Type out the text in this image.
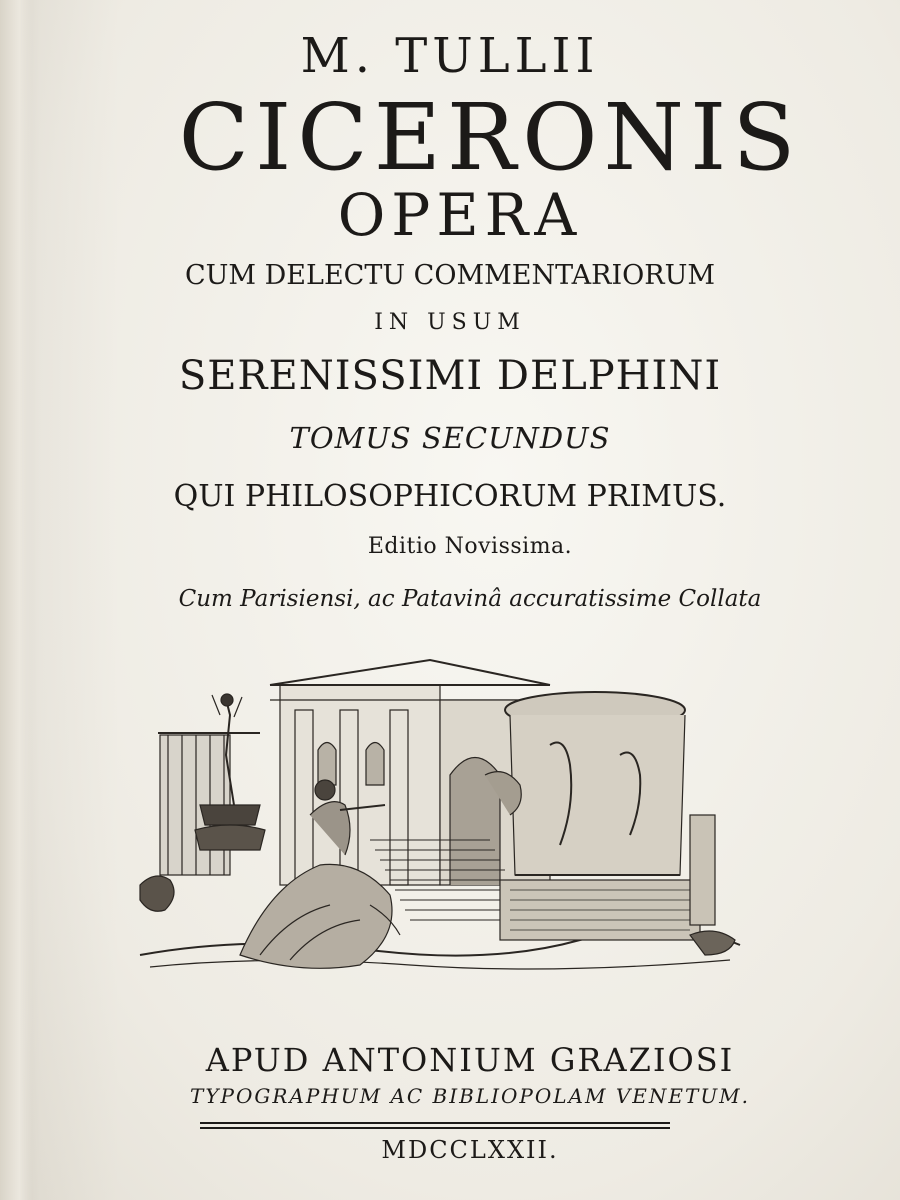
M. TULLII
CICERONIS
OPERA
CUM DELECTU COMMENTARIORUM
IN USUM
SERENISSIMI DELPHINI
TOMUS SECUNDUS
QUI PHILOSOPHICORUM PRIMUS.
Editio Novissima.
Cum Parisiensi, ac Patavinâ accuratissime Collata
APUD ANTONIUM GRAZIOSI
TYPOGRAPHUM AC BIBLIOPOLAM VENETUM.
MDCCLXXII.
